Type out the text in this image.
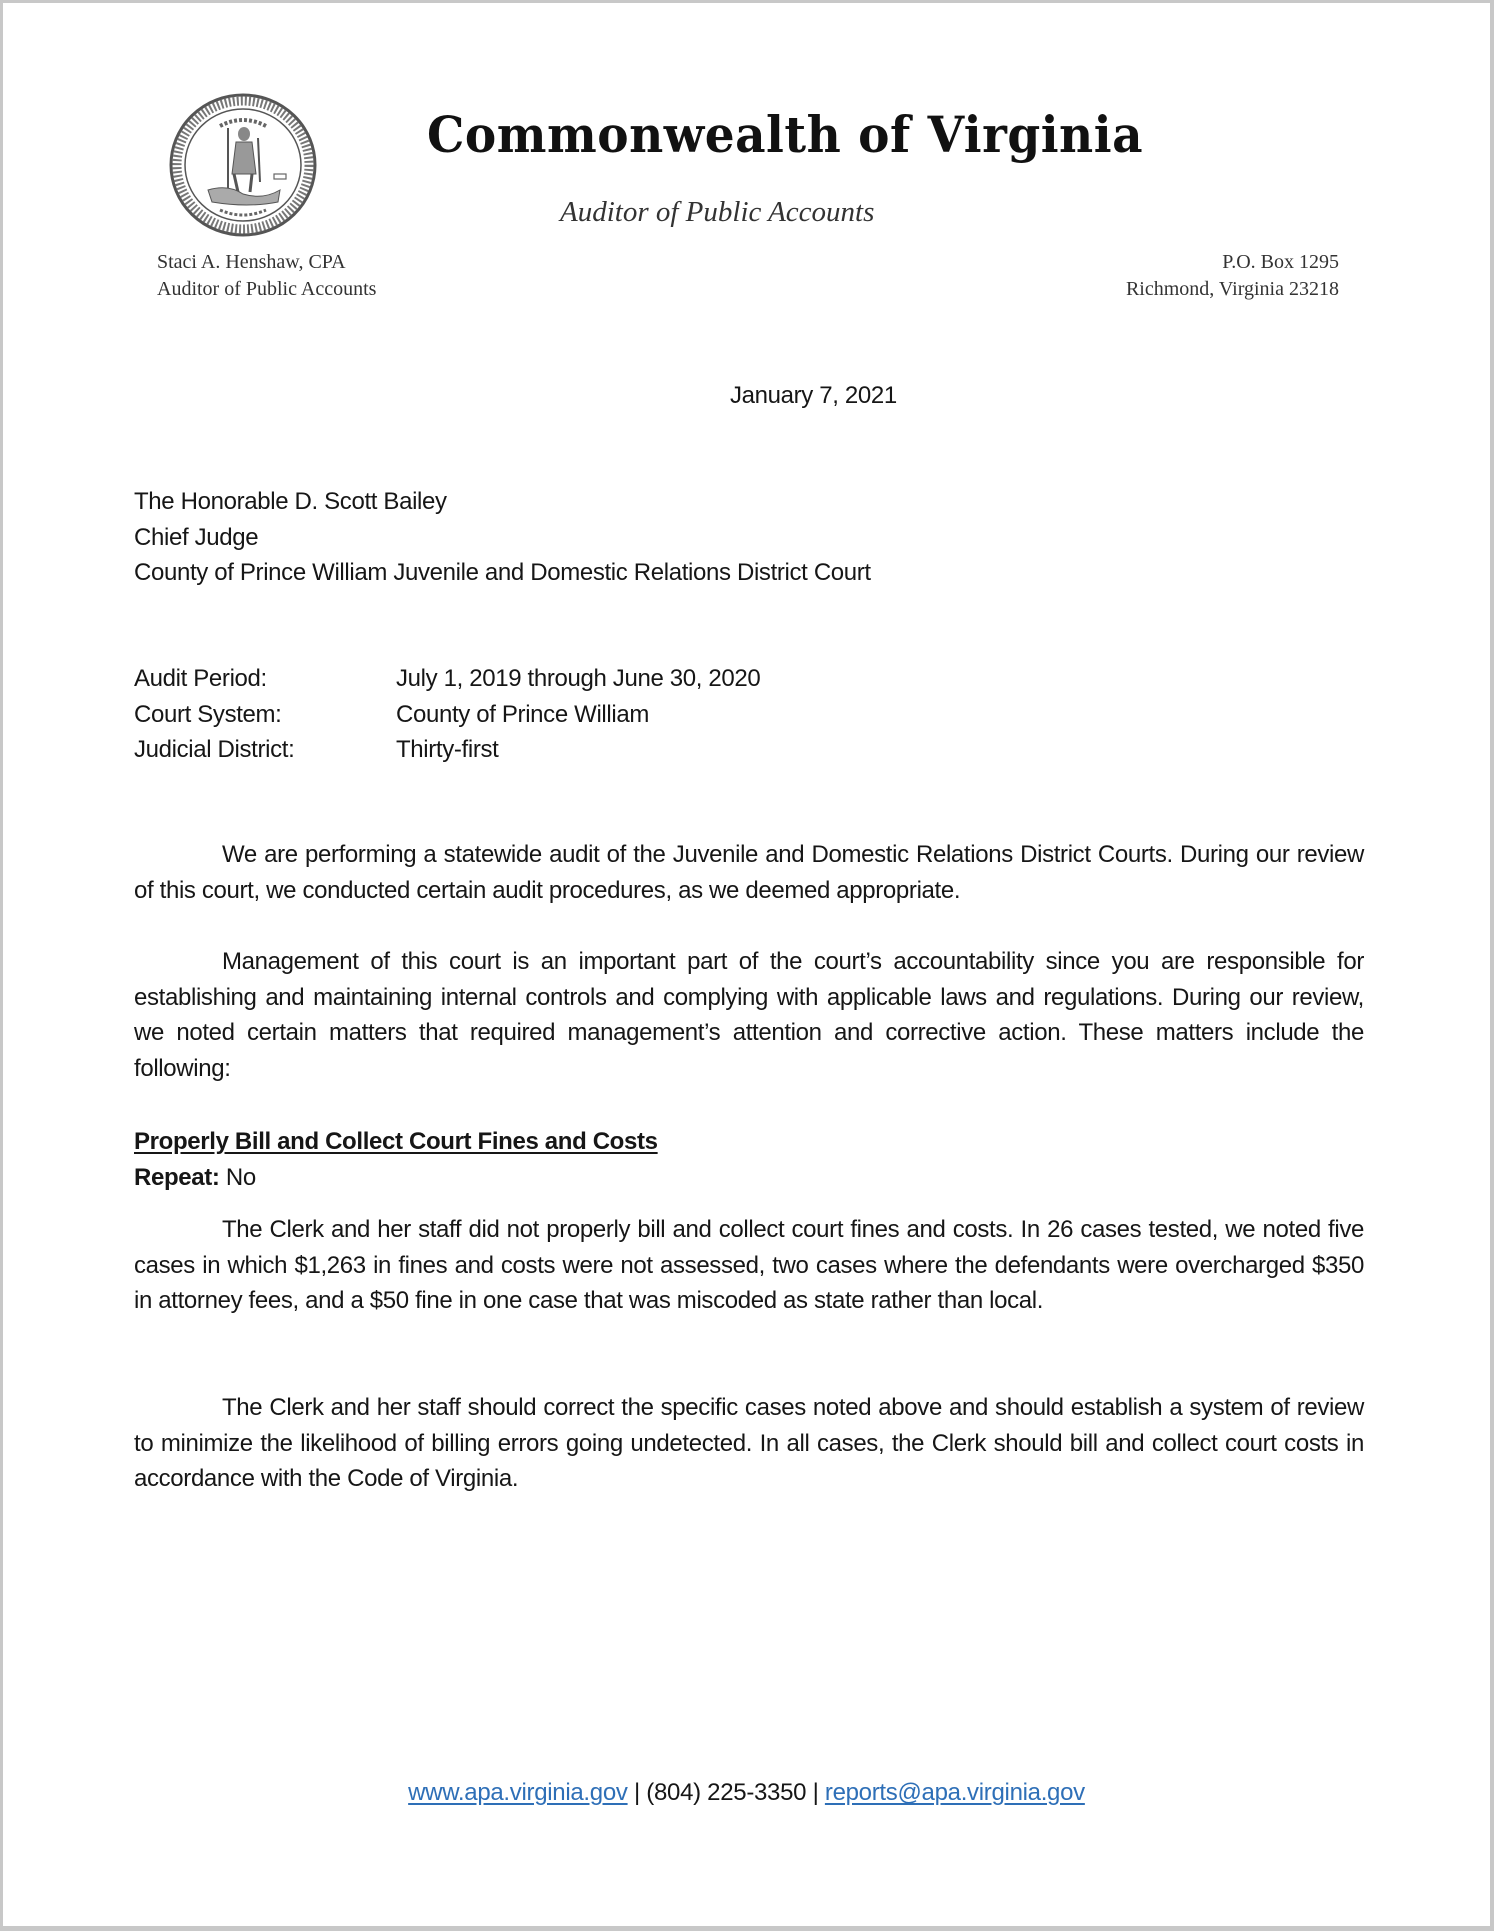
Commonwealth of Virginia
Auditor of Public Accounts
Staci A. Henshaw, CPA
Auditor of Public Accounts
P.O. Box 1295
Richmond, Virginia 23218
January 7, 2021
The Honorable D. Scott Bailey
Chief Judge
County of Prince William Juvenile and Domestic Relations District Court
Audit Period:	July 1, 2019 through June 30, 2020
Court System:	County of Prince William
Judicial District:	Thirty-first
We are performing a statewide audit of the Juvenile and Domestic Relations District Courts. During our review of this court, we conducted certain audit procedures, as we deemed appropriate.
Management of this court is an important part of the court’s accountability since you are responsible for establishing and maintaining internal controls and complying with applicable laws and regulations. During our review, we noted certain matters that required management’s attention and corrective action. These matters include the following:
Properly Bill and Collect Court Fines and Costs
Repeat: No
The Clerk and her staff did not properly bill and collect court fines and costs. In 26 cases tested, we noted five cases in which $1,263 in fines and costs were not assessed, two cases where the defendants were overcharged $350 in attorney fees, and a $50 fine in one case that was miscoded as state rather than local.
The Clerk and her staff should correct the specific cases noted above and should establish a system of review to minimize the likelihood of billing errors going undetected. In all cases, the Clerk should bill and collect court costs in accordance with the Code of Virginia.
www.apa.virginia.gov | (804) 225-3350 | reports@apa.virginia.gov
